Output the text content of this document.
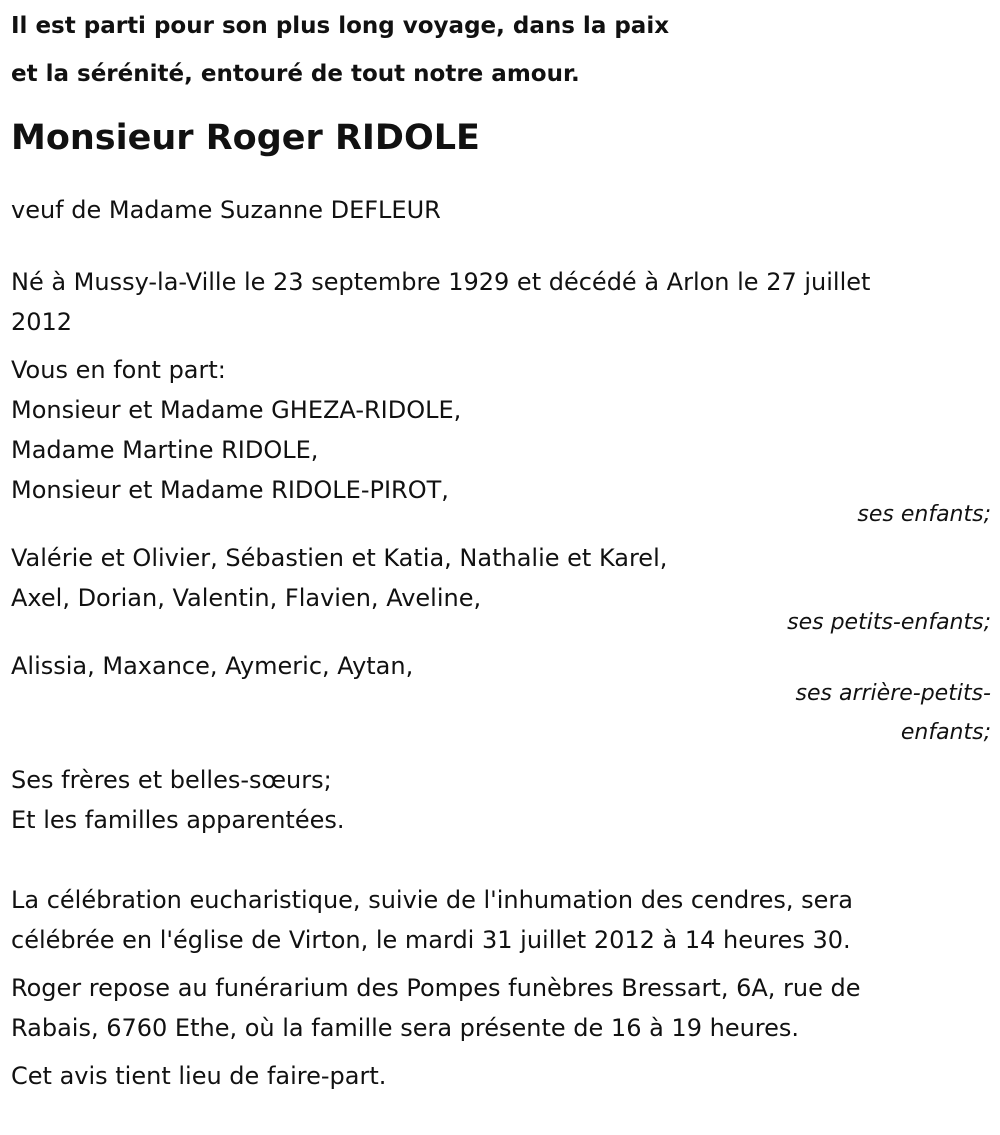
Il est parti pour son plus long voyage, dans la paix
et la sérénité, entouré de tout notre amour.
Monsieur Roger RIDOLE
veuf de Madame Suzanne DEFLEUR
Né à Mussy-la-Ville le 23 septembre 1929 et décédé à Arlon le 27 juillet
2012
Vous en font part:
Monsieur et Madame GHEZA-RIDOLE,
Madame Martine RIDOLE,
Monsieur et Madame RIDOLE-PIROT,
ses enfants;
Valérie et Olivier, Sébastien et Katia, Nathalie et Karel,
Axel, Dorian, Valentin, Flavien, Aveline,
ses petits-enfants;
Alissia, Maxance, Aymeric, Aytan,
ses arrière-petits-
enfants;
Ses frères et belles-sœurs;
Et les familles apparentées.
La célébration eucharistique, suivie de l'inhumation des cendres, sera
célébrée en l'église de Virton, le mardi 31 juillet 2012 à 14 heures 30.
Roger repose au funérarium des Pompes funèbres Bressart, 6A, rue de
Rabais, 6760 Ethe, où la famille sera présente de 16 à 19 heures.
Cet avis tient lieu de faire-part.
